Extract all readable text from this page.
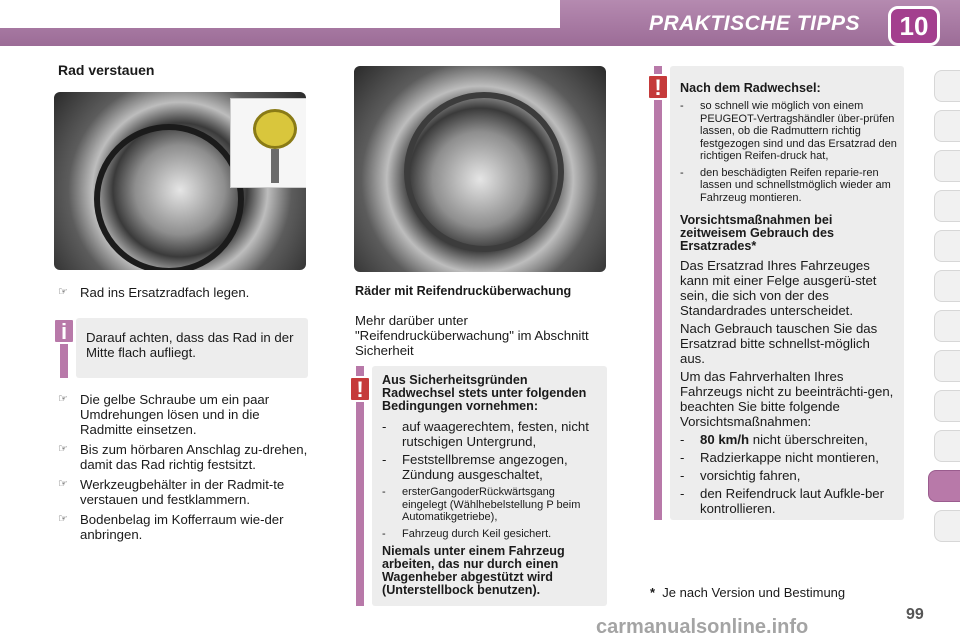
PRAKTISCHE TIPPS	10
Rad verstauen
☞ Rad ins Ersatzradfach legen.
i	Darauf achten, dass das Rad in der Mitte flach aufliegt.
☞ Die gelbe Schraube um ein paar Umdrehungen lösen und in die Radmitte einsetzen.
☞ Bis zum hörbaren Anschlag zu-drehen, damit das Rad richtig festsitzt.
☞ Werkzeugbehälter in der Radmit-te verstauen und festklammern.
☞ Bodenbelag im Kofferraum wie-der anbringen.
Räder mit Reifendrucküberwachung
Mehr darüber unter "Reifendrucküberwachung" im Abschnitt Sicherheit
!	Aus Sicherheitsgründen Radwechsel stets unter folgenden Bedingungen vornehmen:
- auf waagerechtem, festen, nicht rutschigen Untergrund,
- Feststellbremse angezogen, Zündung ausgeschaltet,
- ersterGangoderRückwärtsgang eingelegt (Wählhebelstellung P beim Automatikgetriebe),
- Fahrzeug durch Keil gesichert.
Niemals unter einem Fahrzeug arbeiten, das nur durch einen Wagenheber abgestützt wird (Unterstellbock benutzen).
!	Nach dem Radwechsel:
- so schnell wie möglich von einem PEUGEOT-Vertragshändler über-prüfen lassen, ob die Radmuttern richtig festgezogen sind und das Ersatzrad den richtigen Reifen-druck hat,
- den beschädigten Reifen reparie-ren lassen und schnellstmöglich wieder am Fahrzeug montieren.
Vorsichtsmaßnahmen bei zeitweisem Gebrauch des Ersatzrades*
Das Ersatzrad Ihres Fahrzeuges kann mit einer Felge ausgerü-stet sein, die sich von der des Standardrades unterscheidet.
Nach Gebrauch tauschen Sie das Ersatzrad bitte schnellst-möglich aus.
Um das Fahrverhalten Ihres Fahrzeugs nicht zu beeinträchti-gen, beachten Sie bitte folgende Vorsichtsmaßnahmen:
- 80 km/h nicht überschreiten,
- Radzierkappe nicht montieren,
- vorsichtig fahren,
- den Reifendruck laut Aufkle-ber kontrollieren.
* Je nach Version und Bestimung
99
carmanualsonline.info
